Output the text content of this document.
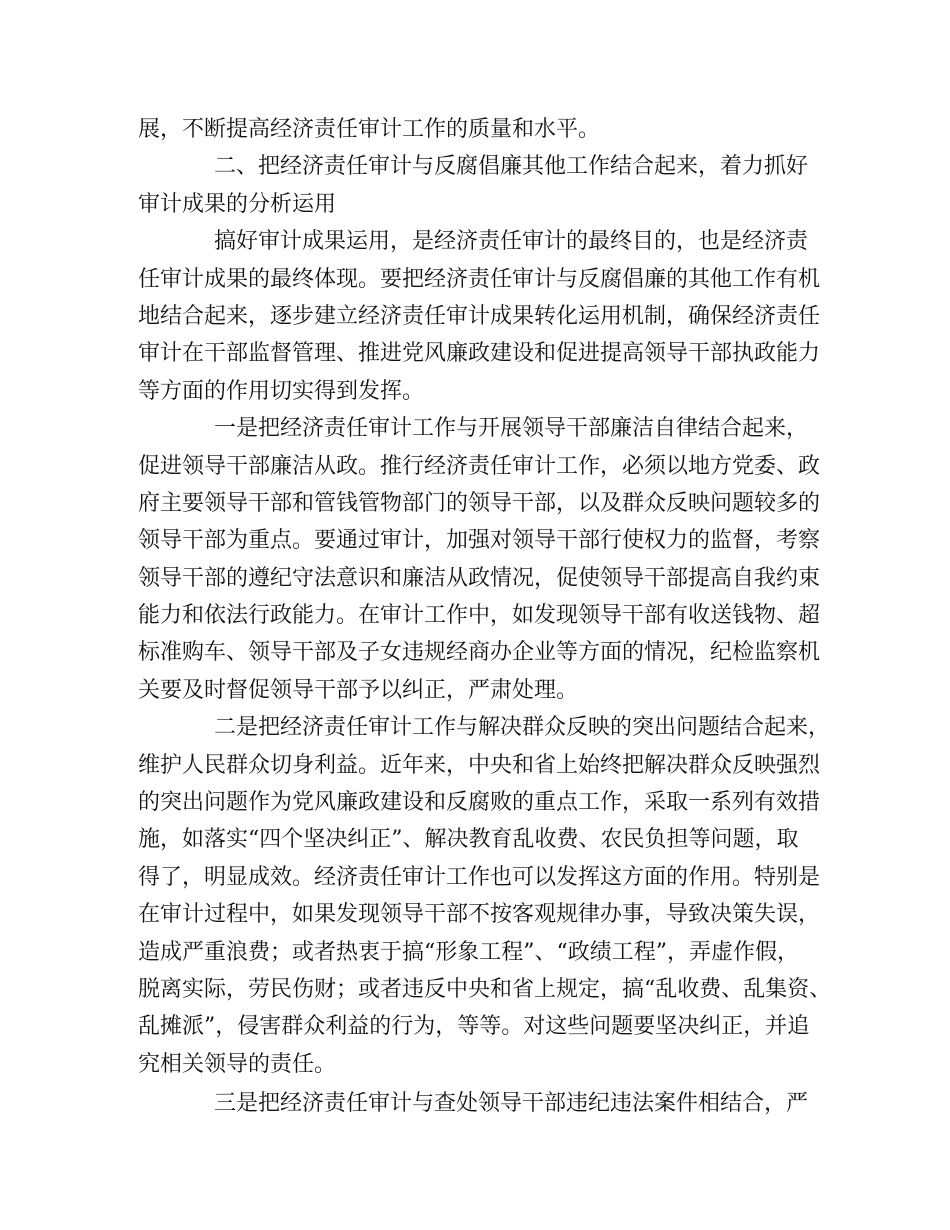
展，不断提高经济责任审计工作的质量和水平。
二、把经济责任审计与反腐倡廉其他工作结合起来，着力抓好
审计成果的分析运用
搞好审计成果运用，是经济责任审计的最终目的，也是经济责
任审计成果的最终体现。要把经济责任审计与反腐倡廉的其他工作有机
地结合起来，逐步建立经济责任审计成果转化运用机制，确保经济责任
审计在干部监督管理、推进党风廉政建设和促进提高领导干部执政能力
等方面的作用切实得到发挥。
一是把经济责任审计工作与开展领导干部廉洁自律结合起来，
促进领导干部廉洁从政。推行经济责任审计工作，必须以地方党委、政
府主要领导干部和管钱管物部门的领导干部，以及群众反映问题较多的
领导干部为重点。要通过审计，加强对领导干部行使权力的监督，考察
领导干部的遵纪守法意识和廉洁从政情况，促使领导干部提高自我约束
能力和依法行政能力。在审计工作中，如发现领导干部有收送钱物、超
标准购车、领导干部及子女违规经商办企业等方面的情况，纪检监察机
关要及时督促领导干部予以纠正，严肃处理。
二是把经济责任审计工作与解决群众反映的突出问题结合起来，
维护人民群众切身利益。近年来，中央和省上始终把解决群众反映强烈
的突出问题作为党风廉政建设和反腐败的重点工作，采取一系列有效措
施，如落实“四个坚决纠正”、解决教育乱收费、农民负担等问题，取
得了，明显成效。经济责任审计工作也可以发挥这方面的作用。特别是
在审计过程中，如果发现领导干部不按客观规律办事，导致决策失误，
造成严重浪费；或者热衷于搞“形象工程”、“政绩工程”，弄虚作假，
脱离实际，劳民伤财；或者违反中央和省上规定，搞“乱收费、乱集资、
乱摊派”，侵害群众利益的行为，等等。对这些问题要坚决纠正，并追
究相关领导的责任。
三是把经济责任审计与查处领导干部违纪违法案件相结合，严
